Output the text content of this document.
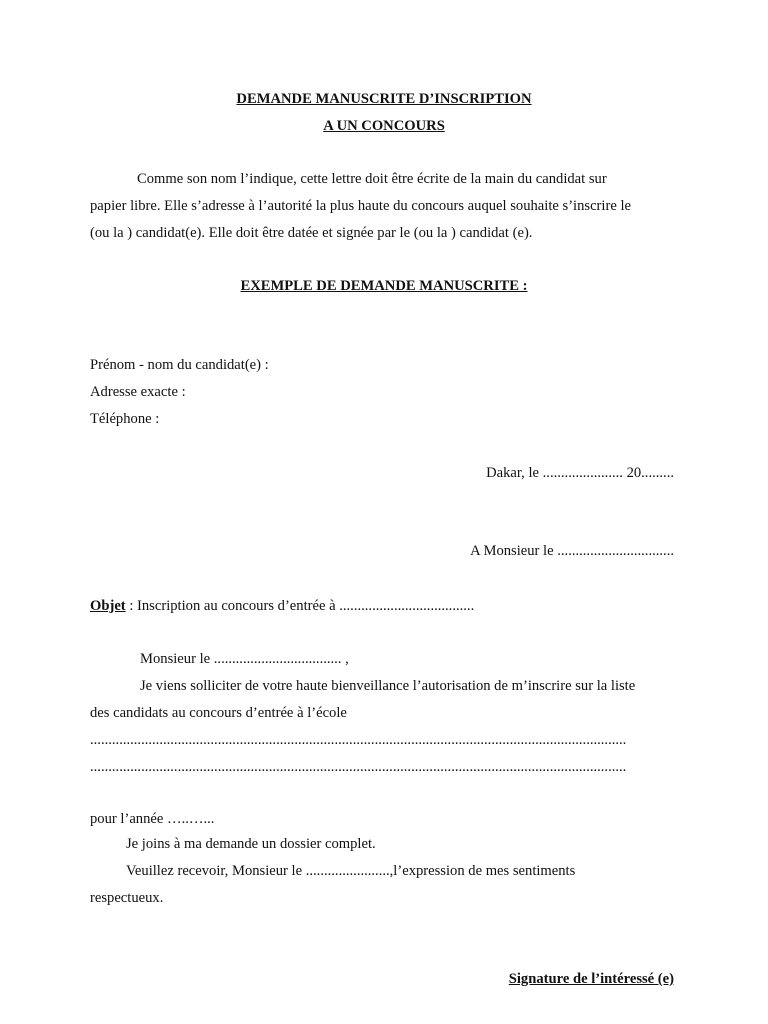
DEMANDE MANUSCRITE D’INSCRIPTION
A UN CONCOURS
Comme son nom l’indique, cette lettre doit être écrite de la main du candidat sur
papier libre. Elle s’adresse à l’autorité la plus haute du concours auquel souhaite s’inscrire le
(ou la ) candidat(e). Elle doit être datée et signée par le (ou la ) candidat (e).
EXEMPLE DE DEMANDE MANUSCRITE :
Prénom - nom du candidat(e) :
Adresse exacte :
Téléphone :
Dakar, le ...................... 20.........
A Monsieur le ................................
Objet : Inscription au concours d’entrée à .....................................
Monsieur le ................................... ,
Je viens solliciter de votre haute bienveillance l’autorisation de m’inscrire sur la liste
des candidats au concours d’entrée à l’école
...................................................................................................................................................
...................................................................................................................................................
pour l’année …..…...
Je joins à ma demande un dossier complet.
Veuillez recevoir, Monsieur le .......................,l’expression de mes sentiments
respectueux.
Signature de l’intéressé (e)
